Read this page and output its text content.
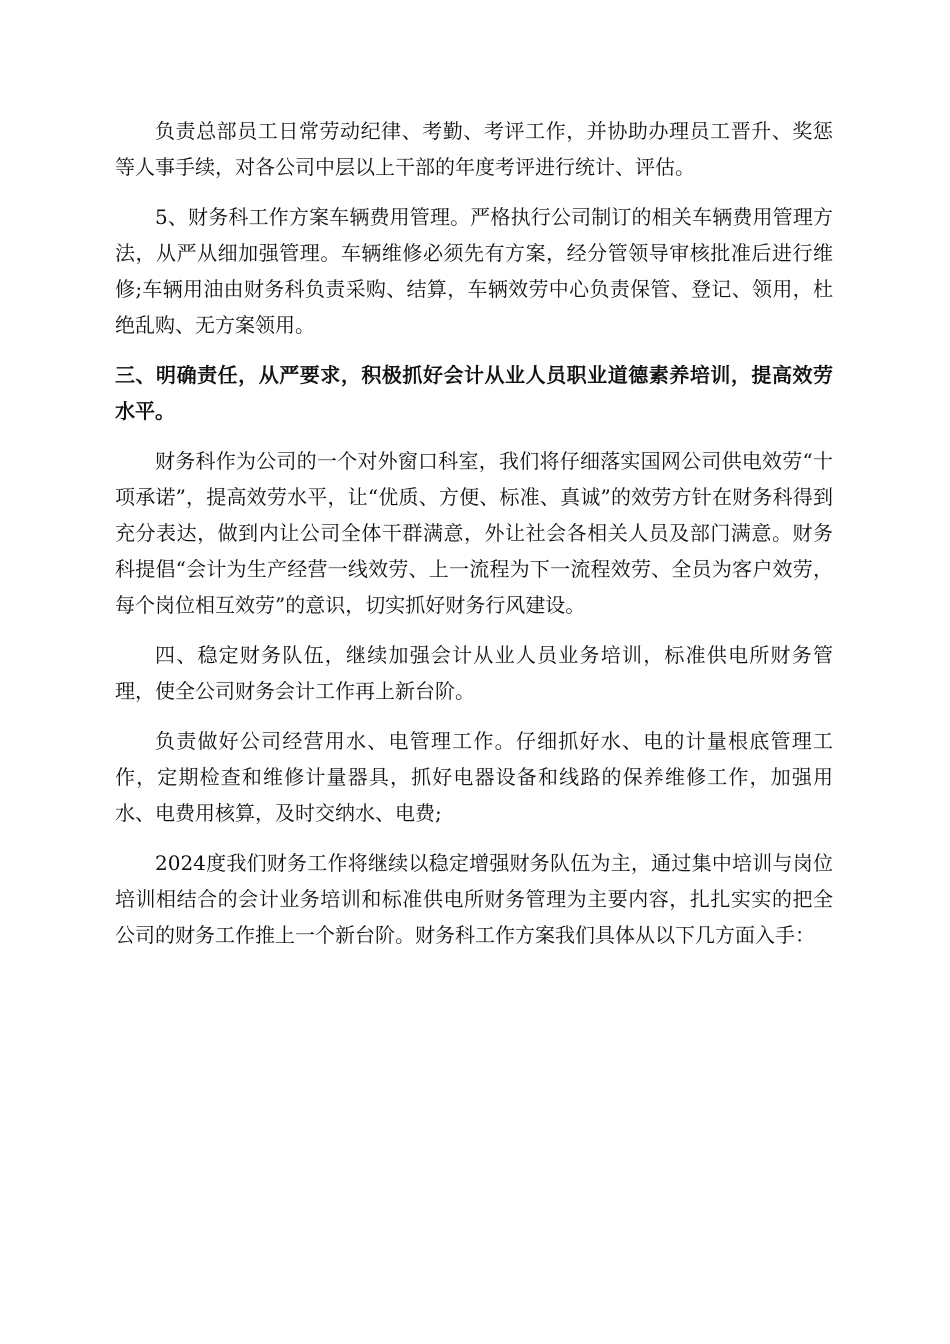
负责总部员工日常劳动纪律、考勤、考评工作，并协助办理员工晋升、奖惩等人事手续，对各公司中层以上干部的年度考评进行统计、评估。

5、财务科工作方案车辆费用管理。严格执行公司制订的相关车辆费用管理方法，从严从细加强管理。车辆维修必须先有方案，经分管领导审核批准后进行维修;车辆用油由财务科负责采购、结算，车辆效劳中心负责保管、登记、领用，杜绝乱购、无方案领用。

三、明确责任，从严要求，积极抓好会计从业人员职业道德素养培训，提高效劳水平。

财务科作为公司的一个对外窗口科室，我们将仔细落实国网公司供电效劳“十项承诺”，提高效劳水平，让“优质、方便、标准、真诚”的效劳方针在财务科得到充分表达，做到内让公司全体干群满意，外让社会各相关人员及部门满意。财务科提倡“会计为生产经营一线效劳、上一流程为下一流程效劳、全员为客户效劳，每个岗位相互效劳”的意识，切实抓好财务行风建设。

四、稳定财务队伍，继续加强会计从业人员业务培训，标准供电所财务管理，使全公司财务会计工作再上新台阶。

负责做好公司经营用水、电管理工作。仔细抓好水、电的计量根底管理工作，定期检查和维修计量器具，抓好电器设备和线路的保养维修工作，加强用水、电费用核算，及时交纳水、电费;

2024度我们财务工作将继续以稳定增强财务队伍为主，通过集中培训与岗位培训相结合的会计业务培训和标准供电所财务管理为主要内容，扎扎实实的把全公司的财务工作推上一个新台阶。财务科工作方案我们具体从以下几方面入手：
